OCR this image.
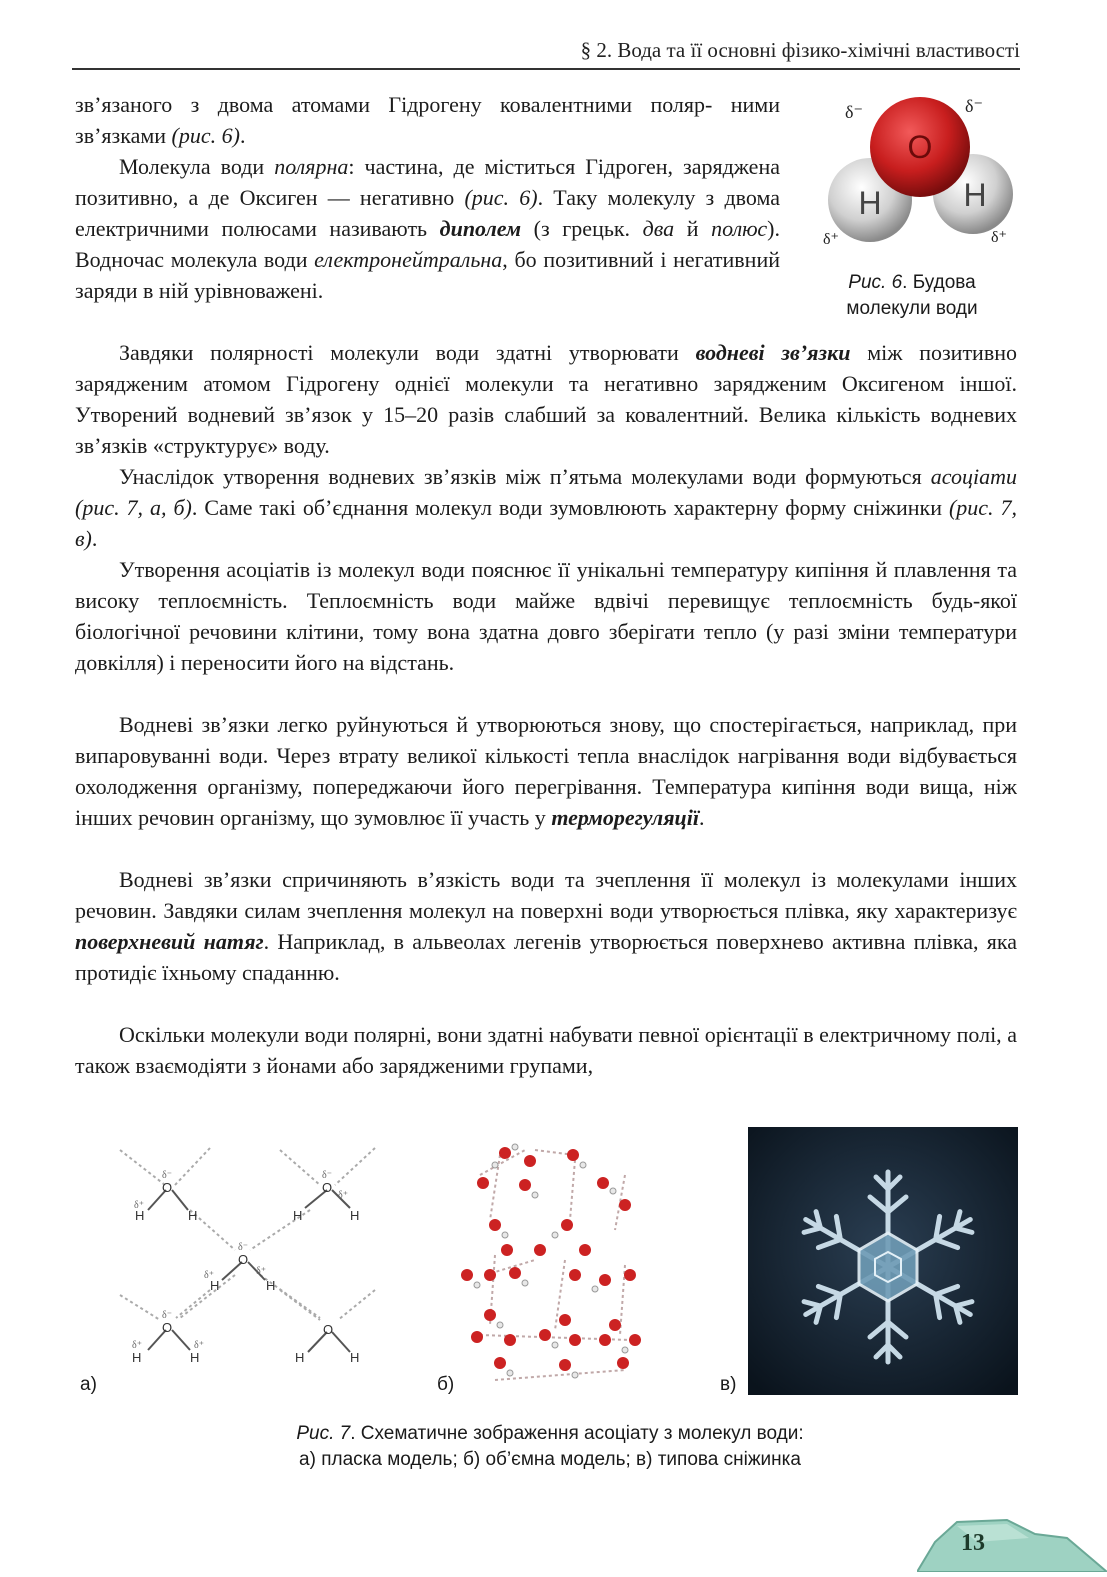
§ 2. Вода та її основні фізико-хімічні властивості

зв’язаного з двома атомами Гідрогену ковалентними поляр- ними зв’язками (рис. 6).

Молекула води полярна: частина, де міститься Гідроген, заряджена позитивно, а де Оксиген — негативно (рис. 6). Таку молекулу з двома електричними полюсами називають диполем (з грецьк. два й полюс). Водночас молекула води електронейтральна, бо позитивний і негативний заряди в ній урівноважені.

O
H	H
δ⁻	δ⁻
δ⁺	δ⁺
Рис. 6. Будова
молекули води

Завдяки полярності молекули води здатні утворювати водневі зв’язки між позитивно зарядженим атомом Гідрогену однієї молекули та негативно зарядженим Оксигеном іншої. Утворений водневий зв’язок у 15–20 разів слабший за ковалентний. Велика кількість водневих зв’язків «структурує» воду.

Унаслідок утворення водневих зв’язків між п’ятьма молекулами води формуються асоціати (рис. 7, а, б). Саме такі об’єднання молекул води зумовлюють характерну форму сніжинки (рис. 7, в).

Утворення асоціатів із молекул води пояснює її унікальні температуру кипіння й плавлення та високу теплоємність. Теплоємність води майже вдвічі перевищує теплоємність будь-якої біологічної речовини клітини, тому вона здатна довго зберігати тепло (у разі зміни температури довкілля) і переносити його на відстань.

Водневі зв’язки легко руйнуються й утворюються знову, що спостерігається, наприклад, при випаровуванні води. Через втрату великої кількості тепла внаслідок нагрівання води відбувається охолодження організму, попереджаючи його перегрівання. Температура кипіння води вища, ніж інших речовин організму, що зумовлює її участь у терморегуляції.

Водневі зв’язки спричиняють в’язкість води та зчеплення її молекул із молекулами інших речовин. Завдяки силам зчеплення молекул на поверхні води утворюється плівка, яку характеризує поверхневий натяг. Наприклад, в альвеолах легенів утворюється поверхнево активна плівка, яка протидіє їхньому спаданню.

Оскільки молекули води полярні, вони здатні набувати певної орієнтації в електричному полі, а також взаємодіяти з йонами або зарядженими групами,

O
H	H
O
H	H
O
H	H
O
H	H
O
H	H
δ⁻	δ⁻
δ⁻
δ⁻
δ⁺
δ⁺
δ⁺	δ⁺
δ⁺	δ⁺
а)	б)	в)
Рис. 7. Схематичне зображення асоціату з молекул води:
а) пласка модель; б) об’ємна модель; в) типова сніжинка
13
